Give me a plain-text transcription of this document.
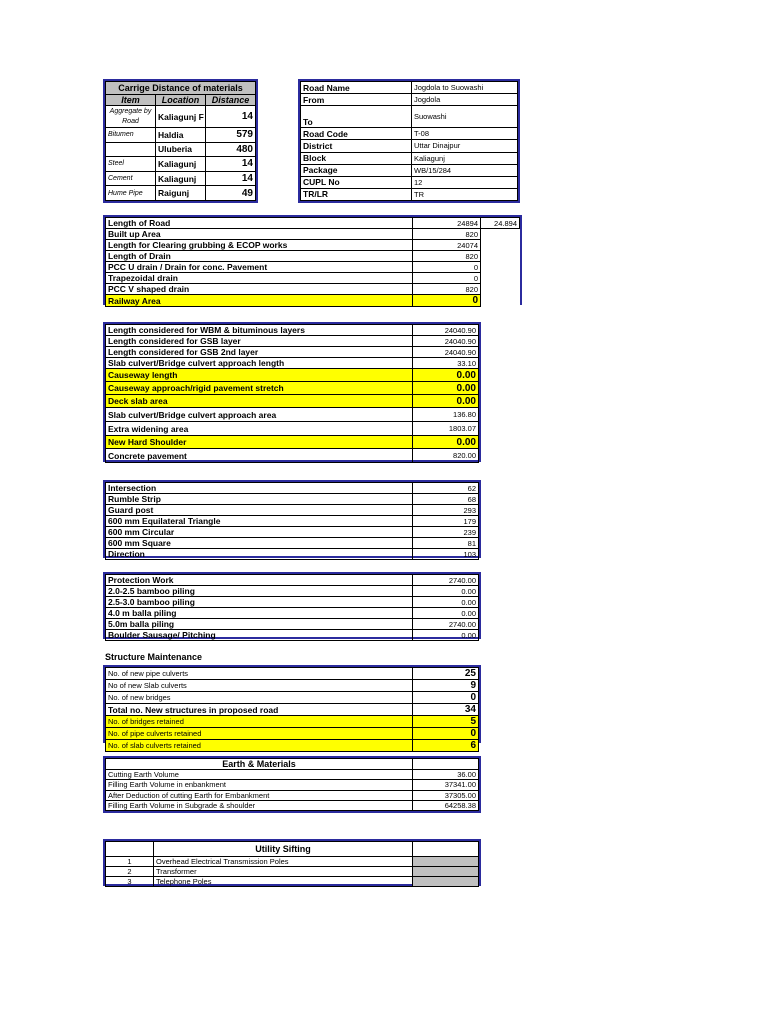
Carrige Distance of materials		
Item	Location	Distance
Aggregate by Road	Kaliagunj F	14
Bitumen	Haldia	579
	Uluberia	480
Steel	Kaliagunj	14
Cement	Kaliagunj	14
Hume Pipe	Raigunj	49
Road Name	Jogdola to Suowashi
From	Jogdola
To	Suowashi
Road Code	T-08
District	Uttar Dinajpur
Block	Kaliagunj
Package	WB/15/284
CUPL No	12
TR/LR	TR
Length of Road	24894	24.894
Built up Area	820	
Length for Clearing grubbing & ECOP works	24074	
Length of Drain	820	
PCC U drain / Drain for conc. Pavement	0	
Trapezoidal drain	0	
PCC V shaped drain	820	
Railway Area	0	
Length considered for WBM & bituminous layers	24040.90
Length considered for GSB layer	24040.90
Length considered for GSB 2nd layer	24040.90
Slab culvert/Bridge culvert approach length	33.10
Causeway length	0.00
Causeway approach/rigid pavement stretch	0.00
Deck slab area	0.00
Slab culvert/Bridge culvert approach area	136.80
Extra widening area	1803.07
New Hard Shoulder	0.00
Concrete pavement	820.00
Intersection	62
Rumble Strip	68
Guard post	293
600 mm Equilateral Triangle	179
600 mm Circular	239
600 mm Square	81
Direction	103
Protection Work	2740.00
2.0-2.5 bamboo piling	0.00
2.5-3.0 bamboo piling	0.00
4.0 m balla piling	0.00
5.0m balla piling	2740.00
Boulder Sausage/ Pitching	0.00
Structure Maintenance
No. of new pipe culverts	25
No of new Slab culverts	9
No. of new bridges	0
Total no. New structures in proposed road	34
No. of bridges retained	5
No. of pipe culverts retained	0
No. of slab culverts retained	6
Earth & Materials	
Cutting Earth Volume	36.00
Filling Earth Volume in enbankment	37341.00
After Deduction of cutting Earth for Embankment	37305.00
Filling Earth Volume in Subgrade & shoulder	64258.38
	Utility Sifting	
1	Overhead Electrical Transmission Poles	
2	Transformer	
3	Telephone Poles	
